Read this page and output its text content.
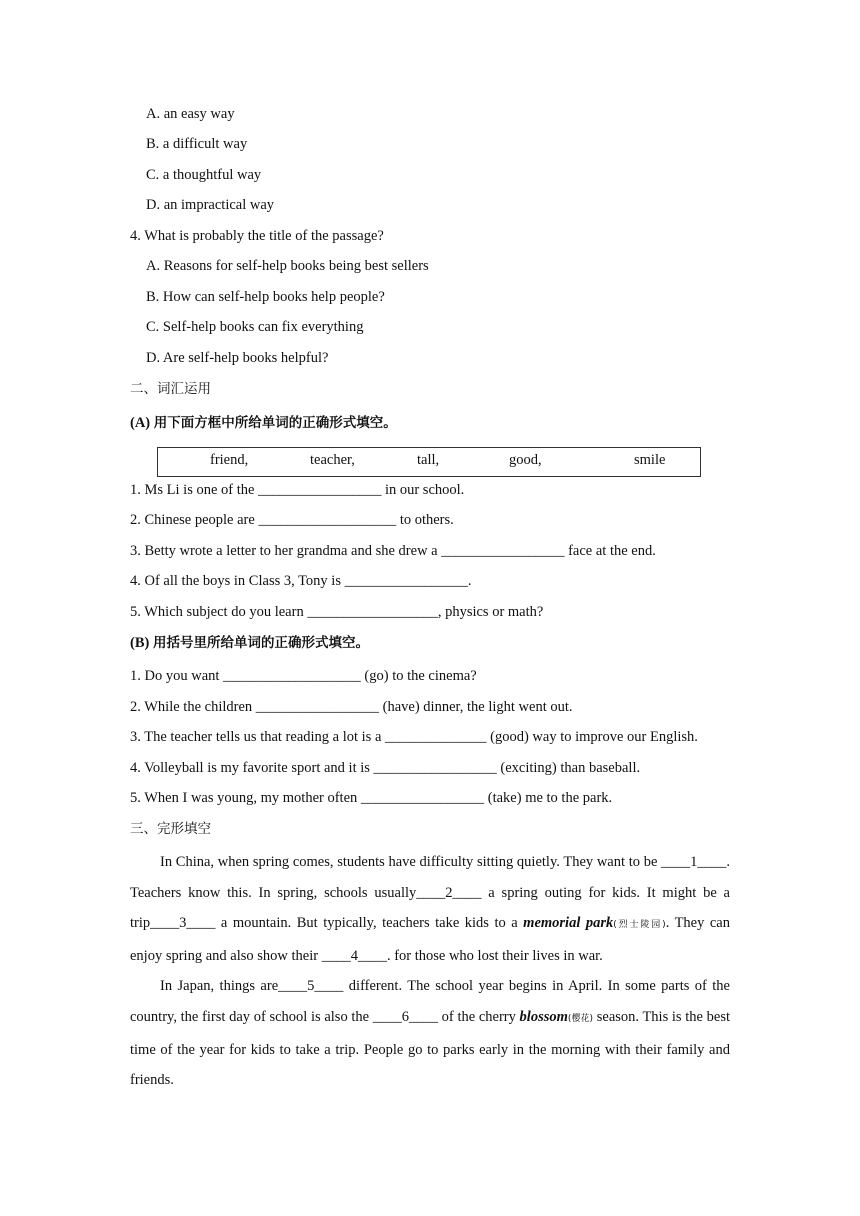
A. an easy way
B. a difficult way
C. a thoughtful way
D. an impractical way
4. What is probably the title of the passage?
A. Reasons for self-help books being best sellers
B. How can self-help books help people?
C. Self-help books can fix everything
D. Are self-help books helpful?
二、词汇运用
(A) 用下面方框中所给单词的正确形式填空。
friend,	teacher,	tall,	good,	smile
1. Ms Li is one of the _________________ in our school.
2. Chinese people are ___________________ to others.
3. Betty wrote a letter to her grandma and she drew a _________________ face at the end.
4. Of all the boys in Class 3, Tony is _________________.
5. Which subject do you learn __________________, physics or math?
(B) 用括号里所给单词的正确形式填空。
1. Do you want ___________________ (go) to the cinema?
2. While the children _________________ (have) dinner, the light went out.
3. The teacher tells us that reading a lot is a ______________ (good) way to improve our English.
4. Volleyball is my favorite sport and it is _________________ (exciting) than baseball.
5. When I was young, my mother often _________________ (take) me to the park.
三、完形填空

In China, when spring comes, students have difficulty sitting quietly. They want to be ____1____. Teachers know this. In spring, schools usually____2____ a spring outing for kids. It might be a trip____3____ a mountain. But typically, teachers take kids to a memorial park(烈士陵园). They can enjoy spring and also show their ____4____. for those who lost their lives in war.

In Japan, things are____5____ different. The school year begins in April. In some parts of the country, the first day of school is also the ____6____ of the cherry blossom(樱花) season. This is the best time of the year for kids to take a trip. People go to parks early in the morning with their family and friends.
